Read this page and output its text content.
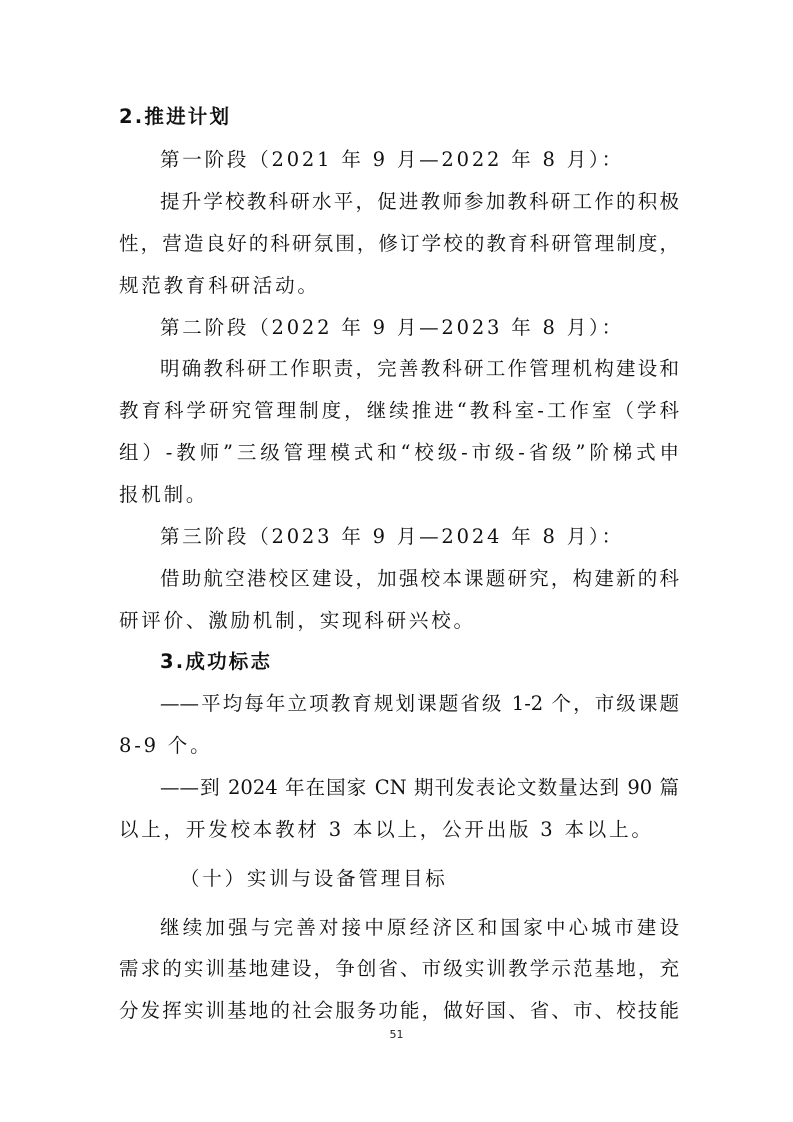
2.推进计划
第一阶段（2021 年 9 月—2022 年 8 月）：
提升学校教科研水平，促进教师参加教科研工作的积极
性，营造良好的科研氛围，修订学校的教育科研管理制度，
规范教育科研活动。
第二阶段（2022 年 9 月—2023 年 8 月）：
明确教科研工作职责，完善教科研工作管理机构建设和
教育科学研究管理制度，继续推进“教科室-工作室（学科
组）-教师”三级管理模式和“校级-市级-省级”阶梯式申
报机制。
第三阶段（2023 年 9 月—2024 年 8 月）：
借助航空港校区建设，加强校本课题研究，构建新的科
研评价、激励机制，实现科研兴校。
3.成功标志
——平均每年立项教育规划课题省级 1-2 个，市级课题
8-9 个。
——到 2024 年在国家 CN 期刊发表论文数量达到 90 篇
以上，开发校本教材 3 本以上，公开出版 3 本以上。
（十）实训与设备管理目标
继续加强与完善对接中原经济区和国家中心城市建设
需求的实训基地建设，争创省、市级实训教学示范基地，充
分发挥实训基地的社会服务功能，做好国、省、市、校技能
51
